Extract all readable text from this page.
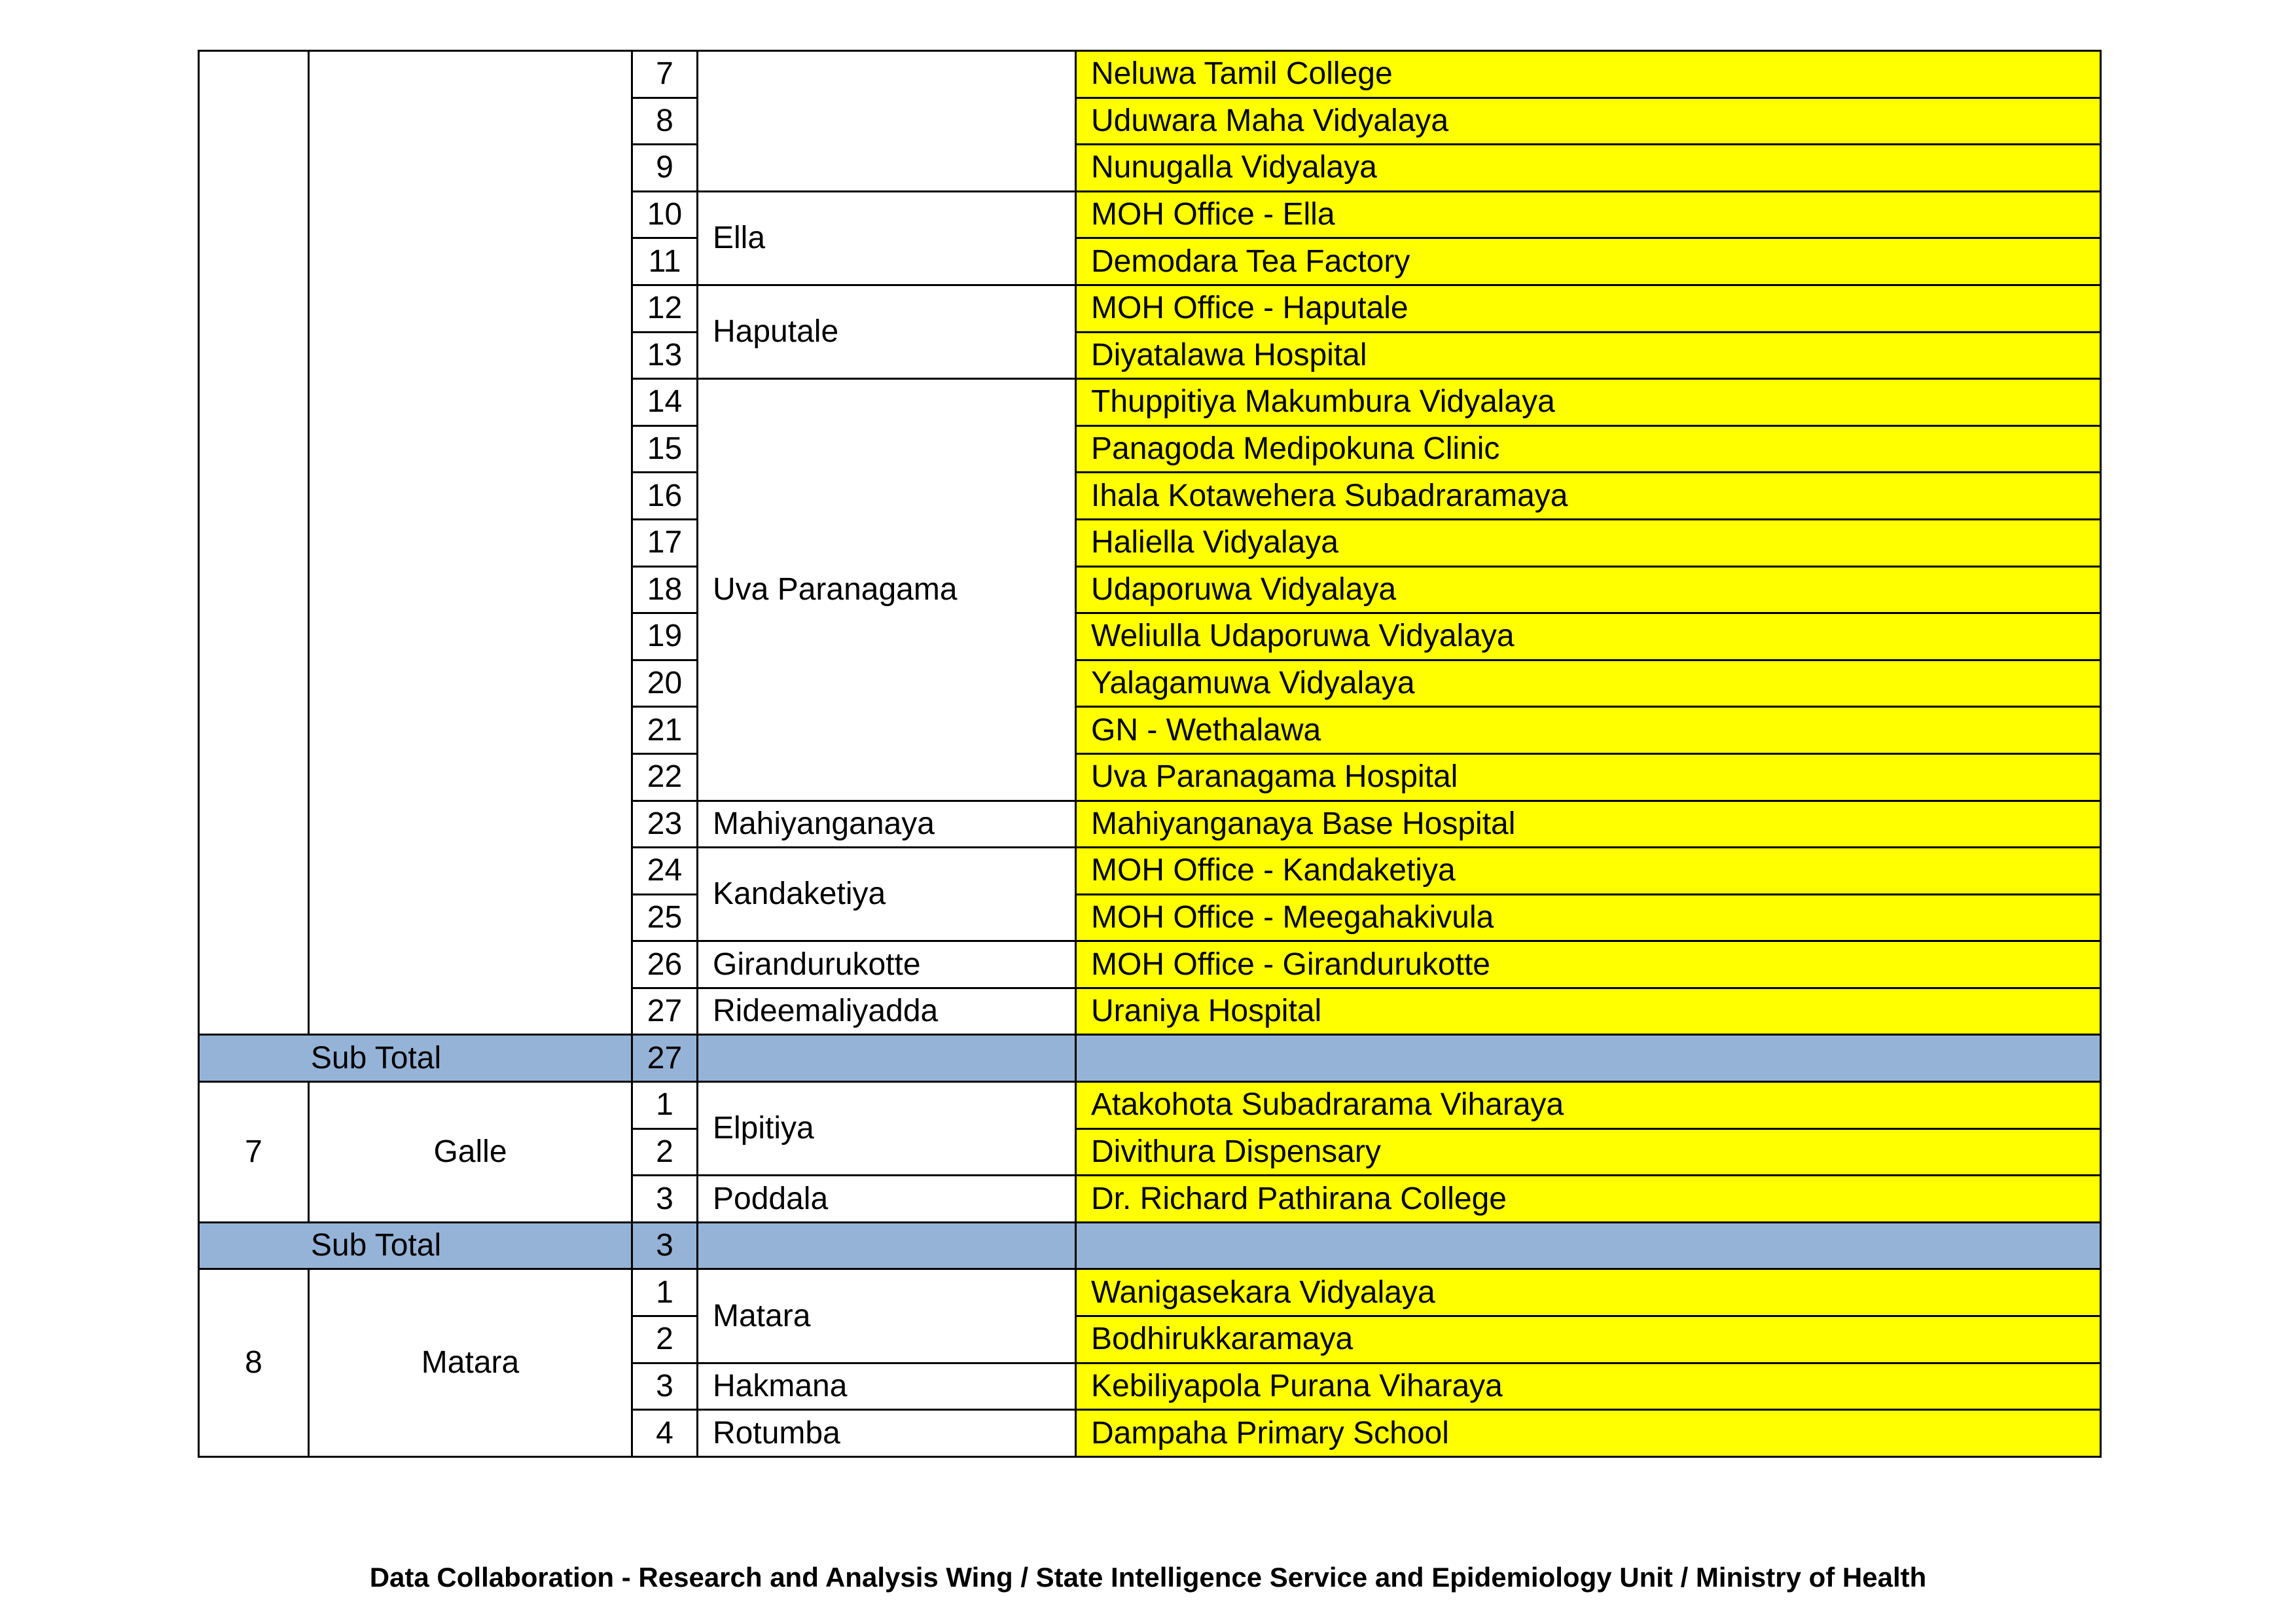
		7		Neluwa Tamil College
		8		Uduwara Maha Vidyalaya
		9		Nunugalla Vidyalaya
		10	Ella	MOH Office - Ella
		11		Demodara Tea Factory
		12	Haputale	MOH Office - Haputale
		13		Diyatalawa Hospital
		14	Uva Paranagama	Thuppitiya Makumbura Vidyalaya
		15		Panagoda Medipokuna Clinic
		16		Ihala Kotawehera Subadraramaya
		17		Haliella Vidyalaya
		18		Udaporuwa Vidyalaya
		19		Weliulla Udaporuwa Vidyalaya
		20		Yalagamuwa Vidyalaya
		21		GN - Wethalawa
		22		Uva Paranagama Hospital
		23	Mahiyanganaya	Mahiyanganaya Base Hospital
		24	Kandaketiya	MOH Office - Kandaketiya
		25		MOH Office - Meegahakivula
		26	Girandurukotte	MOH Office - Girandurukotte
		27	Rideemaliyadda	Uraniya Hospital
Sub Total		27		
7	Galle	1	Elpitiya	Atakohota Subadrarama Viharaya
		2		Divithura Dispensary
		3	Poddala	Dr. Richard Pathirana College
Sub Total		3		
8	Matara	1	Matara	Wanigasekara Vidyalaya
		2		Bodhirukkaramaya
		3	Hakmana	Kebiliyapola Purana Viharaya
		4	Rotumba	Dampaha Primary School
Data Collaboration - Research and Analysis Wing / State Intelligence Service and Epidemiology Unit / Ministry of Health
